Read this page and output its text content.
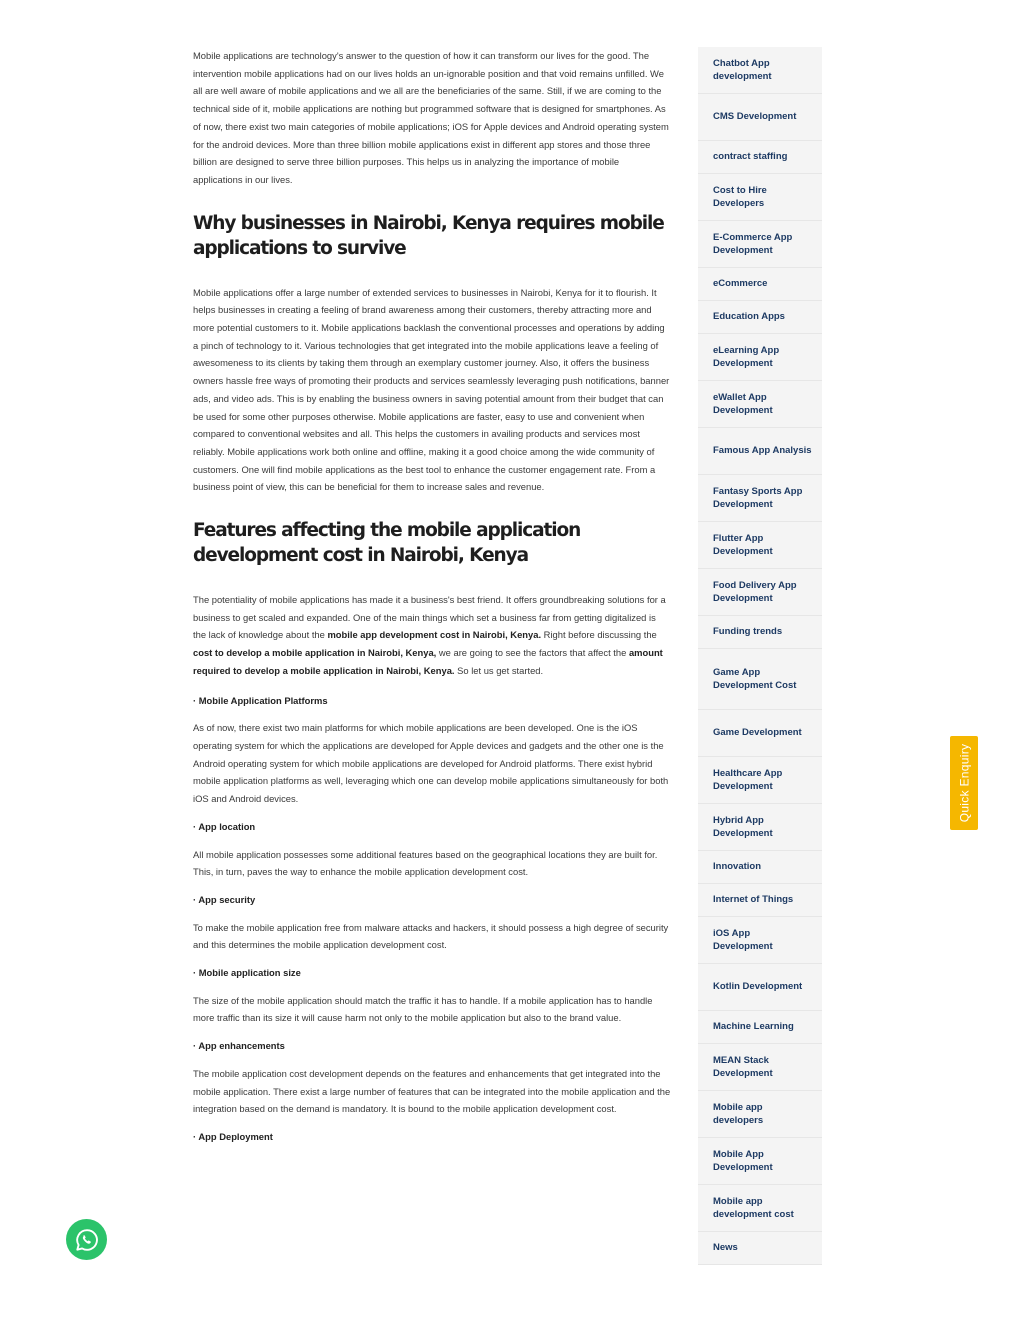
Mobile applications are technology's answer to the question of how it can transform our lives for the good. The intervention mobile applications had on our lives holds an un-ignorable position and that void remains unfilled. We all are well aware of mobile applications and we all are the beneficiaries of the same. Still, if we are coming to the technical side of it, mobile applications are nothing but programmed software that is designed for smartphones. As of now, there exist two main categories of mobile applications; iOS for Apple devices and Android operating system for the android devices. More than three billion mobile applications exist in different app stores and those three billion are designed to serve three billion purposes. This helps us in analyzing the importance of mobile applications in our lives.

Why businesses in Nairobi, Kenya requires mobile applications to survive

Mobile applications offer a large number of extended services to businesses in Nairobi, Kenya for it to flourish. It helps businesses in creating a feeling of brand awareness among their customers, thereby attracting more and more potential customers to it. Mobile applications backlash the conventional processes and operations by adding a pinch of technology to it. Various technologies that get integrated into the mobile applications leave a feeling of awesomeness to its clients by taking them through an exemplary customer journey. Also, it offers the business owners hassle free ways of promoting their products and services seamlessly leveraging push notifications, banner ads, and video ads. This is by enabling the business owners in saving potential amount from their budget that can be used for some other purposes otherwise. Mobile applications are faster, easy to use and convenient when compared to conventional websites and all. This helps the customers in availing products and services most reliably. Mobile applications work both online and offline, making it a good choice among the wide community of customers. One will find mobile applications as the best tool to enhance the customer engagement rate. From a business point of view, this can be beneficial for them to increase sales and revenue.

Features affecting the mobile application development cost in Nairobi, Kenya

The potentiality of mobile applications has made it a business's best friend. It offers groundbreaking solutions for a business to get scaled and expanded. One of the main things which set a business far from getting digitalized is the lack of knowledge about the mobile app development cost in Nairobi, Kenya. Right before discussing the cost to develop a mobile application in Nairobi, Kenya, we are going to see the factors that affect the amount required to develop a mobile application in Nairobi, Kenya. So let us get started.

· Mobile Application Platforms

As of now, there exist two main platforms for which mobile applications are been developed. One is the iOS operating system for which the applications are developed for Apple devices and gadgets and the other one is the Android operating system for which mobile applications are developed for Android platforms. There exist hybrid mobile application platforms as well, leveraging which one can develop mobile applications simultaneously for both iOS and Android devices.

· App location

All mobile application possesses some additional features based on the geographical locations they are built for. This, in turn, paves the way to enhance the mobile application development cost.

· App security

To make the mobile application free from malware attacks and hackers, it should possess a high degree of security and this determines the mobile application development cost.

· Mobile application size

The size of the mobile application should match the traffic it has to handle. If a mobile application has to handle more traffic than its size it will cause harm not only to the mobile application but also to the brand value.

· App enhancements

The mobile application cost development depends on the features and enhancements that get integrated into the mobile application. There exist a large number of features that can be integrated into the mobile application and the integration based on the demand is mandatory. It is bound to the mobile application development cost.

· App Deployment

Chatbot App development
CMS Development
contract staffing
Cost to Hire Developers
E-Commerce App Development
eCommerce
Education Apps
eLearning App Development
eWallet App Development
Famous App Analysis
Fantasy Sports App Development
Flutter App Development
Food Delivery App Development
Funding trends
Game App Development Cost
Game Development
Healthcare App Development
Hybrid App Development
Innovation
Internet of Things
iOS App Development
Kotlin Development
Machine Learning
MEAN Stack Development
Mobile app developers
Mobile App Development
Mobile app development cost
News
Quick Enquiry
